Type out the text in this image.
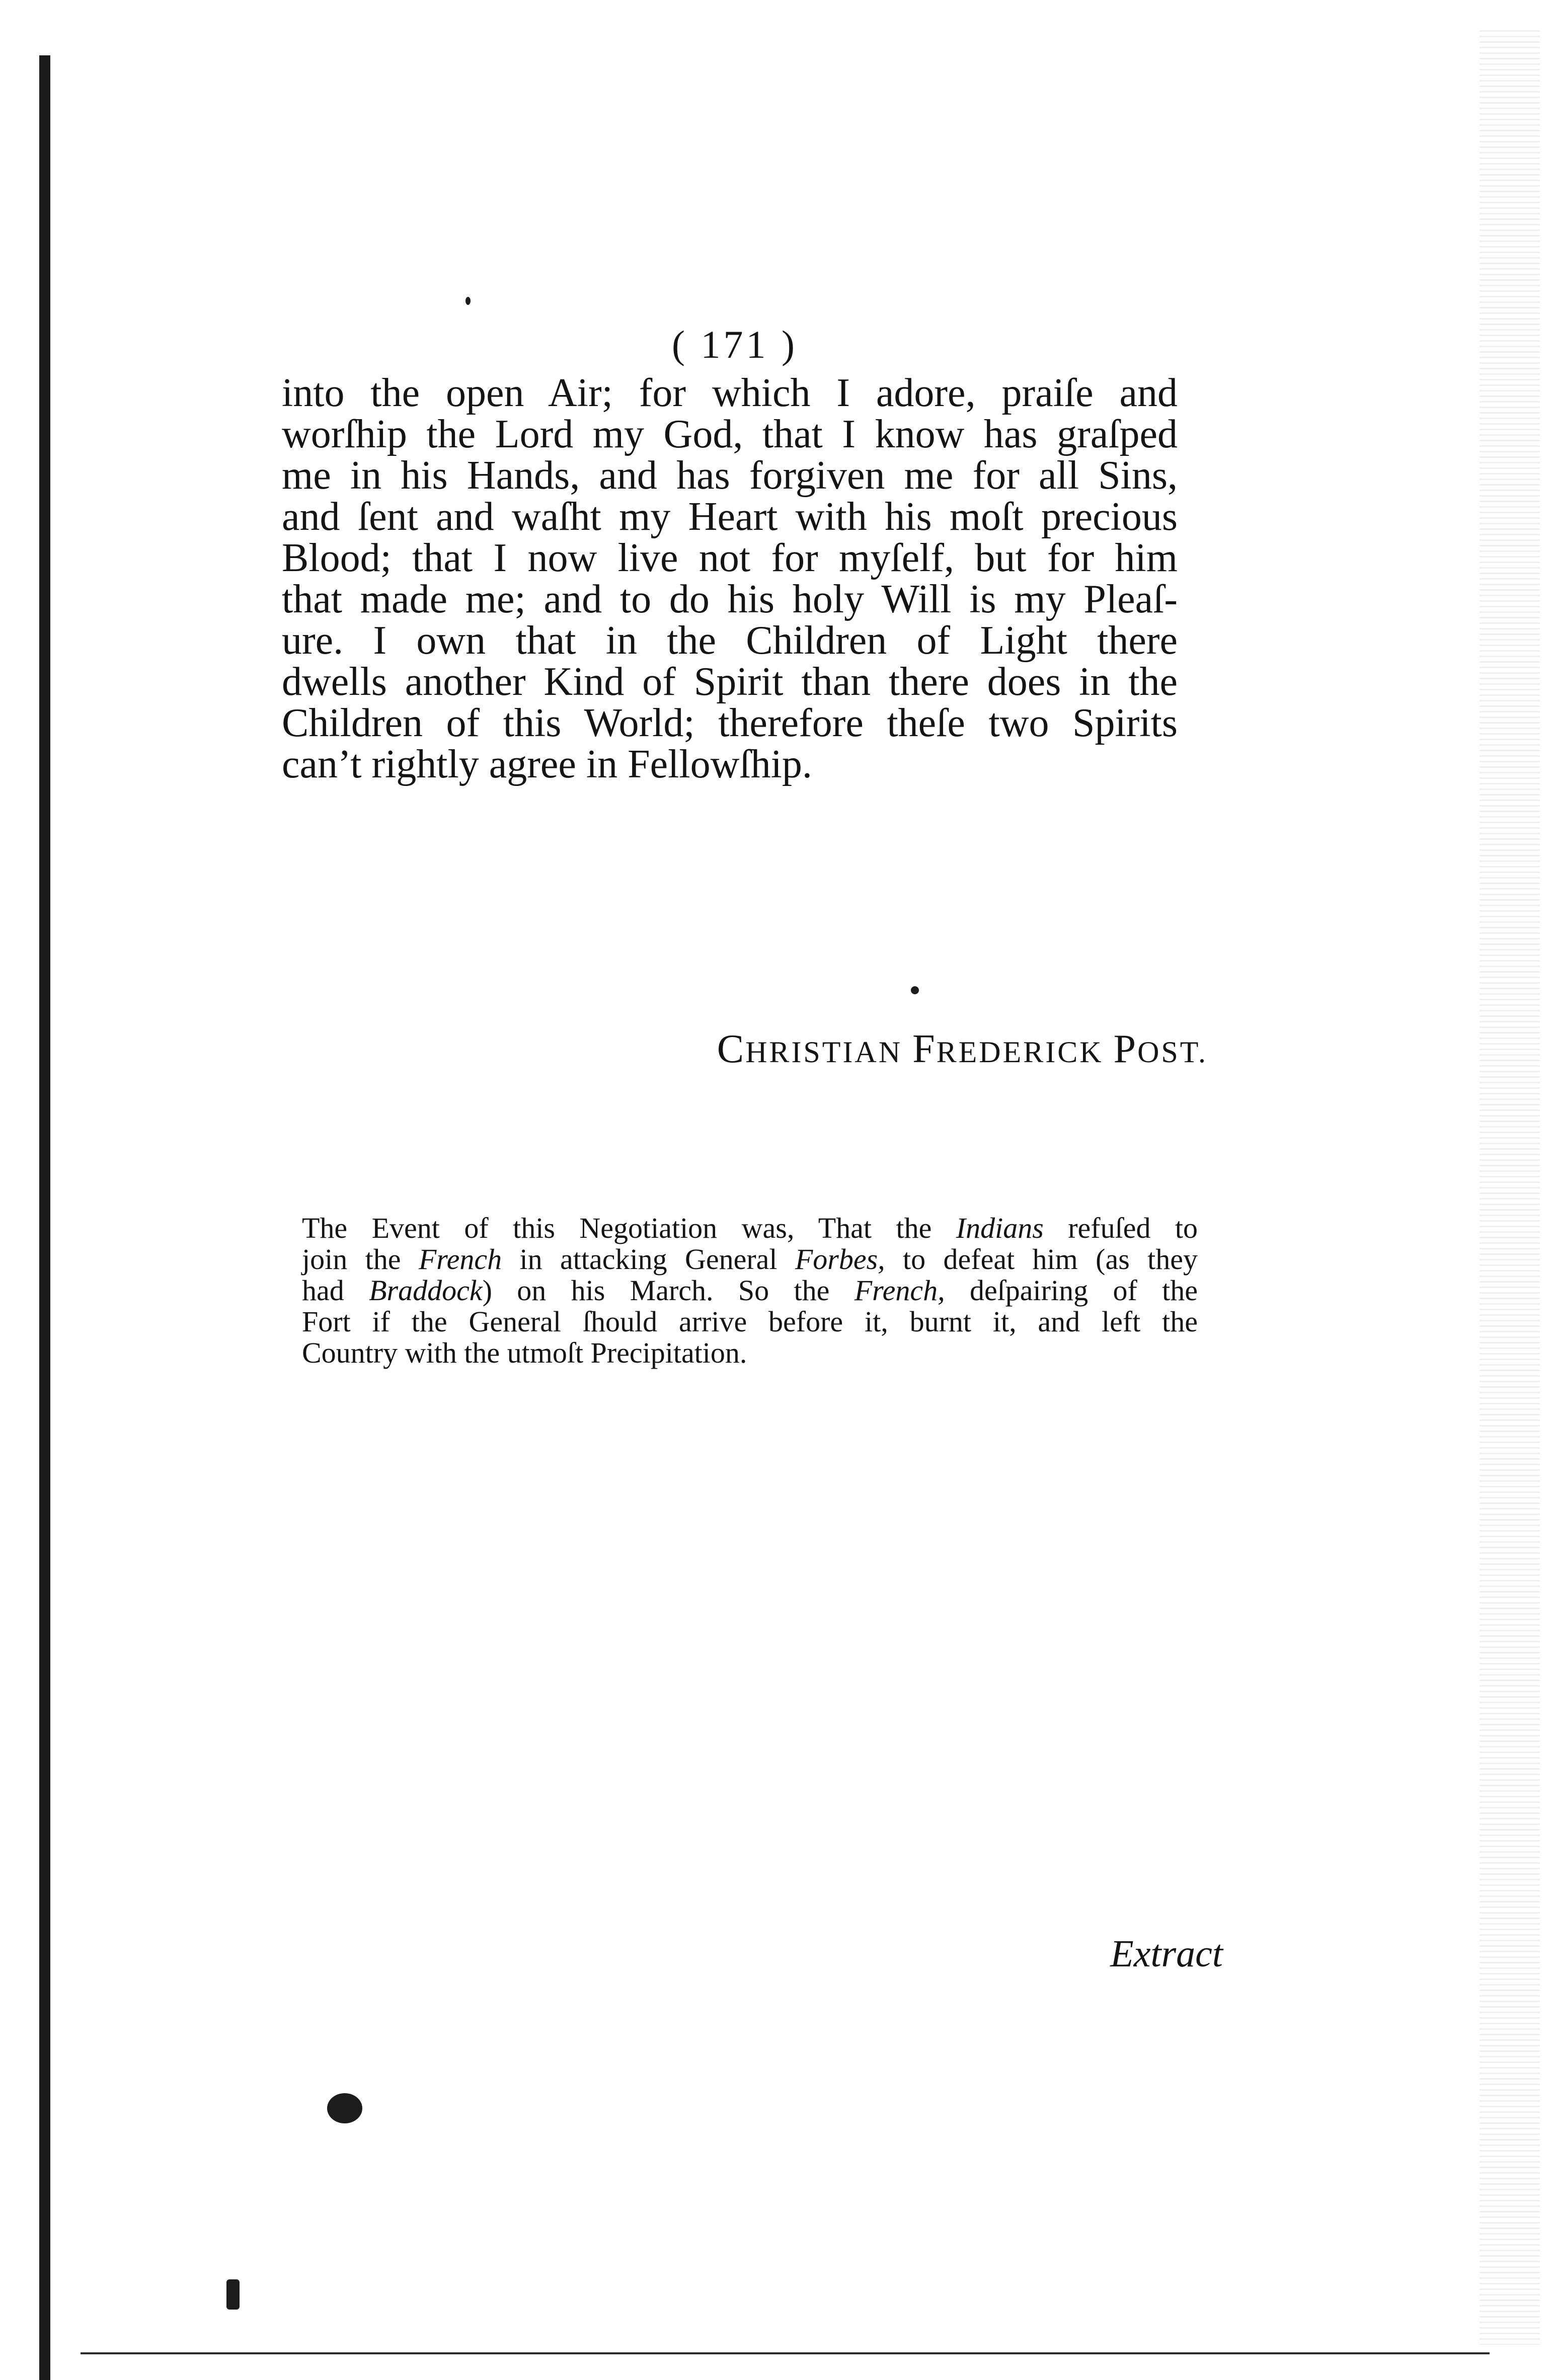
( 171 )
into the open Air; for which I adore, praiſe and
worſhip the Lord my God, that I know has graſped
me in his Hands, and has forgiven me for all Sins,
and ſent and waſht my Heart with his moſt precious
Blood; that I now live not for myſelf, but for him
that made me; and to do his holy Will is my Pleaſ-
ure. I own that in the Children of Light there
dwells another Kind of Spirit than there does in the
Children of this World; therefore theſe two Spirits
can’t rightly agree in Fellowſhip.
CHRISTIAN FREDERICK POST.
The Event of this Negotiation was, That the Indians refuſed to
join the French in attacking General Forbes, to defeat him (as they
had Braddock) on his March. So the French, deſpairing of the
Fort if the General ſhould arrive before it, burnt it, and left the
Country with the utmoſt Precipitation.
Extract
